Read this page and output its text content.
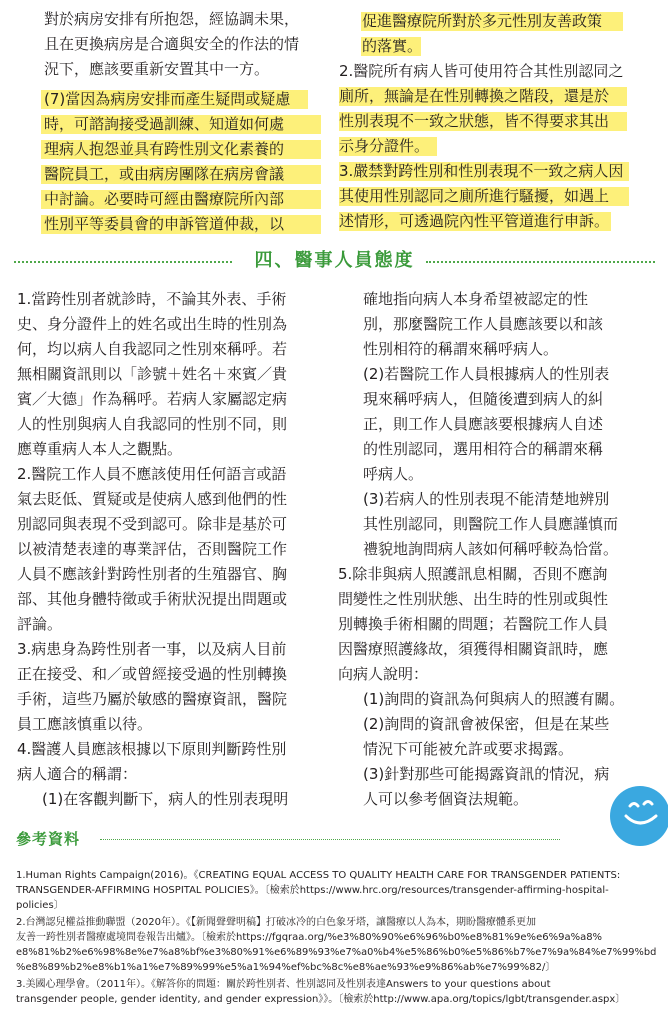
對於病房安排有所抱怨，經協調未果，
且在更換病房是合適與安全的作法的情
況下，應該要重新安置其中一方。
(7)當因為病房安排而產生疑問或疑慮
時，可諮詢接受過訓練、知道如何處
理病人抱怨並具有跨性別文化素養的
醫院員工，或由病房團隊在病房會議
中討論。必要時可經由醫療院所內部
性別平等委員會的申訴管道仲裁，以
促進醫療院所對於多元性別友善政策
的落實。
2.醫院所有病人皆可使用符合其性別認同之
廁所，無論是在性別轉換之階段，還是於
性別表現不一致之狀態，皆不得要求其出
示身分證件。
3.嚴禁對跨性別和性別表現不一致之病人因
其使用性別認同之廁所進行騷擾，如遇上
述情形，可透過院內性平管道進行申訴。
四、醫事人員態度
1.當跨性別者就診時，不論其外表、手術
史、身分證件上的姓名或出生時的性別為
何，均以病人自我認同之性別來稱呼。若
無相關資訊則以「診號＋姓名＋來賓／貴
賓／大德」作為稱呼。若病人家屬認定病
人的性別與病人自我認同的性別不同，則
應尊重病人本人之觀點。
2.醫院工作人員不應該使用任何語言或語
氣去貶低、質疑或是使病人感到他們的性
別認同與表現不受到認可。除非是基於可
以被清楚表達的專業評估，否則醫院工作
人員不應該針對跨性別者的生殖器官、胸
部、其他身體特徵或手術狀況提出問題或
評論。
3.病患身為跨性別者一事，以及病人目前
正在接受、和／或曾經接受過的性別轉換
手術，這些乃屬於敏感的醫療資訊，醫院
員工應該慎重以待。
4.醫護人員應該根據以下原則判斷跨性別
病人適合的稱謂：
(1)在客觀判斷下，病人的性別表現明
確地指向病人本身希望被認定的性
別，那麼醫院工作人員應該要以和該
性別相符的稱謂來稱呼病人。
(2)若醫院工作人員根據病人的性別表
現來稱呼病人，但隨後遭到病人的糾
正，則工作人員應該要根據病人自述
的性別認同，選用相符合的稱謂來稱
呼病人。
(3)若病人的性別表現不能清楚地辨別
其性別認同，則醫院工作人員應謹慎而
禮貌地詢問病人該如何稱呼較為恰當。
5.除非與病人照護訊息相關，否則不應詢
問變性之性別狀態、出生時的性別或與性
別轉換手術相關的問題；若醫院工作人員
因醫療照護緣故，須獲得相關資訊時，應
向病人說明：
(1)詢問的資訊為何與病人的照護有關。
(2)詢問的資訊會被保密，但是在某些
情況下可能被允許或要求揭露。
(3)針對那些可能揭露資訊的情況，病
人可以參考個資法規範。
參考資料
1.Human Rights Campaign(2016)。《CREATING EQUAL ACCESS TO QUALITY HEALTH CARE FOR TRANSGENDER PATIENTS:
TRANSGENDER-AFFIRMING HOSPITAL POLICIES》。〔檢索於https://www.hrc.org/resources/transgender-affirming-hospital-
policies〕
2.台灣認兒權益推動聯盟（2020年）。《【新聞聲聲明稿】打破冰冷的白色象牙塔，讓醫療以人為本，期盼醫療體系更加
友善一跨性別者醫療處境問卷報告出爐》。〔檢索於https://fgqraa.org/%e3%80%90%e6%96%b0%e8%81%9e%e6%9a%a8%
e8%81%b2%e6%98%8e%e7%a8%bf%e3%80%91%e6%89%93%e7%a0%b4%e5%86%b0%e5%86%b7%e7%9a%84%e7%99%bd
%e8%89%b2%e8%b1%a1%e7%89%99%e5%a1%94%ef%bc%8c%e8%ae%93%e9%86%ab%e7%99%82/〕
3.美國心理學會。（2011年）。《解答你的問題：關於跨性別者、性別認同及性別表達Answers to your questions about
transgender people, gender identity, and gender expression》》。〔檢索於http://www.apa.org/topics/lgbt/transgender.aspx〕
